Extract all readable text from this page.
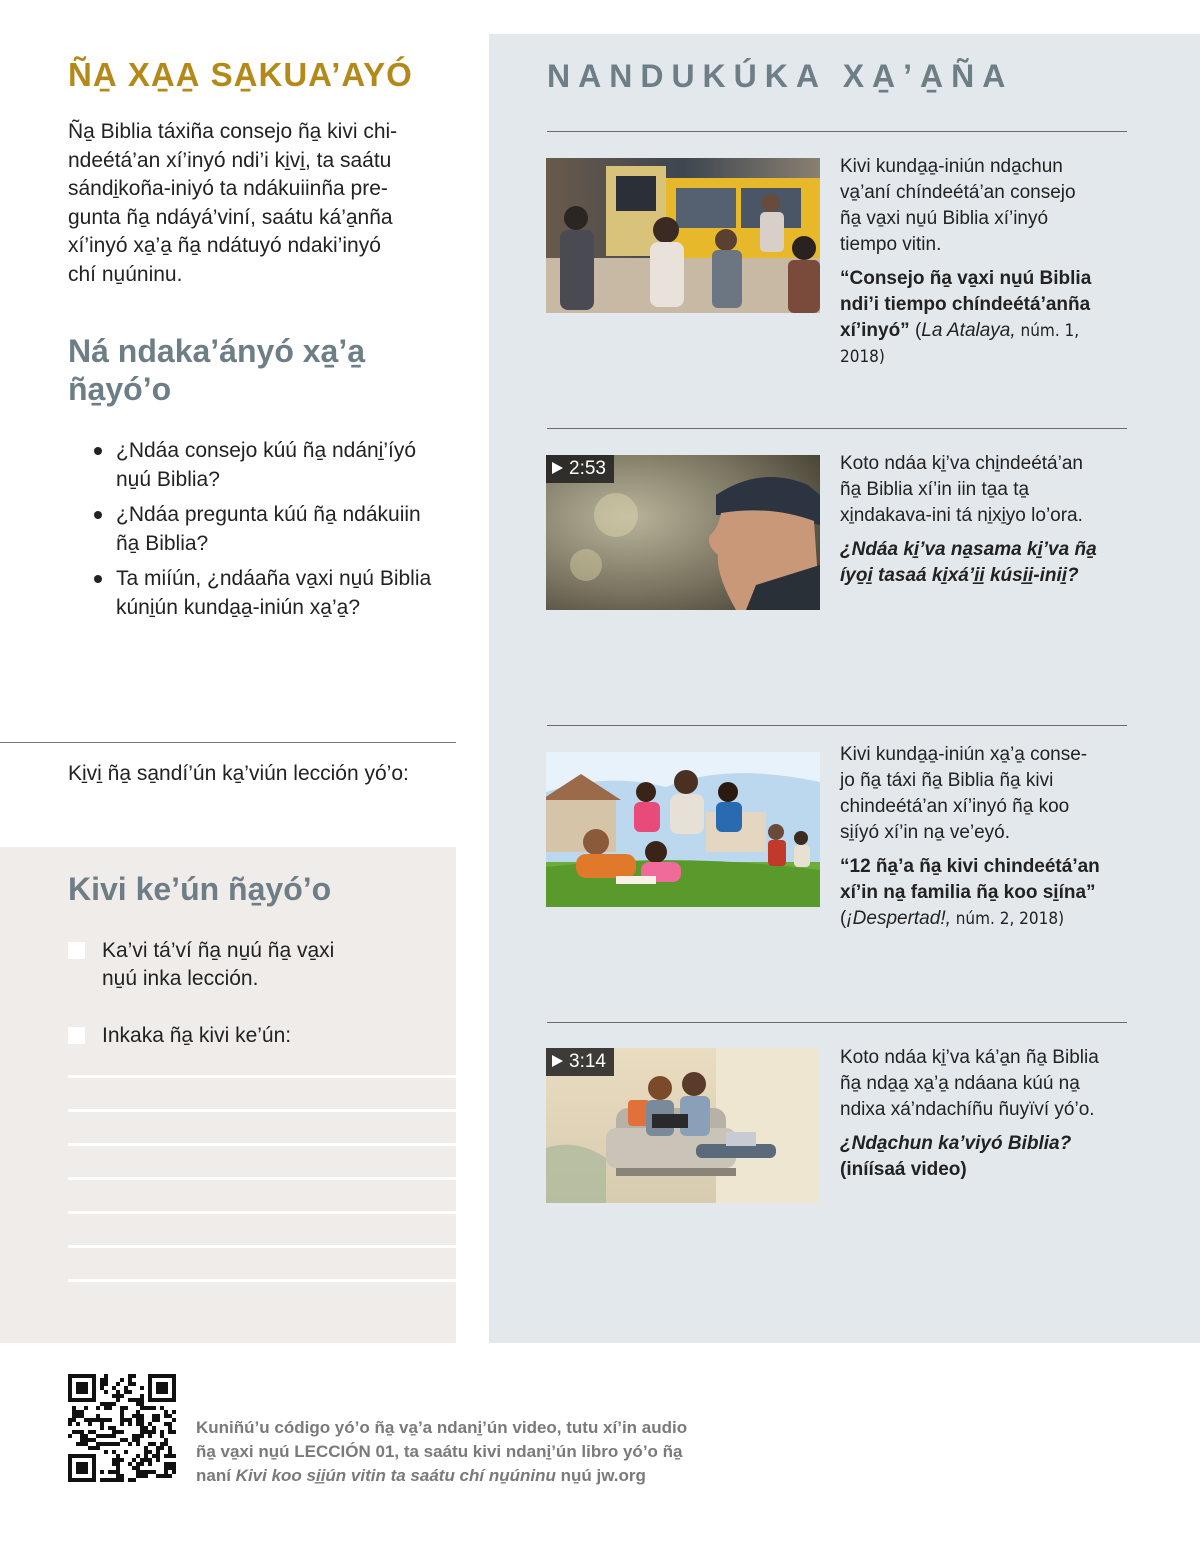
ÑA̱ XA̱A̱ SA̱KUA’AYÓ

Ña̱ Biblia táxiña consejo ña̱ kivi chi-
ndeétá’an xí’inyó ndi’i ki̱vi̱, ta saátu
sándi̱koña-iniyó ta ndákuiinña pre-
gunta ña̱ ndáyá’viní, saátu ká’a̱nña
xí’inyó xa̱’a̱ ña̱ ndátuyó ndaki’inyó
chí nu̱úninu.

Ná ndaka’ányó xa̱’a̱
ña̱yó’o
¿Ndáa consejo kúú ña̱ ndáni̱’íyó
nu̱ú Biblia?
¿Ndáa pregunta kúú ña̱ ndákuiin
ña̱ Biblia?
Ta miíún, ¿ndáaña va̱xi nu̱ú Biblia
kúni̱ún kunda̱a̱-iniún xa̱’a̱?
Ki̱vi̱ ña̱ sa̱ndí’ún ka̱’viún lección yó’o:
Kivi ke’ún ña̱yó’o
Ka’vi tá’ví ña̱ nu̱ú ña̱ va̱xi
nu̱ú inka lección.
Inkaka ña̱ kivi ke’ún:
NANDUKÚKA XA̱’A̱ÑA
Kivi kunda̱a̱-iniún nda̱chun
va̱’aní chíndeétá’an consejo
ña̱ va̱xi nu̱ú Biblia xí’inyó
tiempo vitin.
“Consejo ña̱ va̱xi nu̱ú Biblia
ndi’i tiempo chíndeétá’anña
xí’inyó” (La Atalaya, núm. 1,
2018)
2:53	Koto ndáa ki̱’va chi̱ndeétá’an
ña̱ Biblia xí’in iin ta̱a ta̱
xi̱ndakava-ini tá ni̱xi̱yo lo’ora.
¿Ndáa ki̱’va na̱sama ki̱’va ña̱
íyo̱i̱ tasaá ki̱xá’i̱i̱ kúsi̱i̱-inii̱?
Kivi kunda̱a̱-iniún xa̱’a̱ conse-
jo ña̱ táxi ña̱ Biblia ña̱ kivi
chindeétá’an xí’inyó ña̱ koo
si̱íyó xí’in na̱ ve’eyó.
“12 ña̱’a ña̱ kivi chindeétá’an
xí’in na̱ familia ña̱ koo si̱ína” (¡Despertad!, núm. 2, 2018)
3:14	Koto ndáa ki̱’va ká’a̱n ña̱ Biblia
ña̱ nda̱a̱ xa̱’a̱ ndáana kúú na̱
ndixa xá’ndachíñu ñuyïví yó’o.
¿Nda̱chun ka’viyó Biblia?
(iníísaá video)
Kuniñú’u código yó’o ña̱ va̱’a ndani̱’ún video, tutu xí’in audio
ña̱ va̱xi nu̱ú LECCIÓN 01, ta saátu kivi ndani̱’ún libro yó’o ña̱
naní Kivi koo si̱i̱ún vitin ta saátu chí nu̱úninu nu̱ú jw.org
